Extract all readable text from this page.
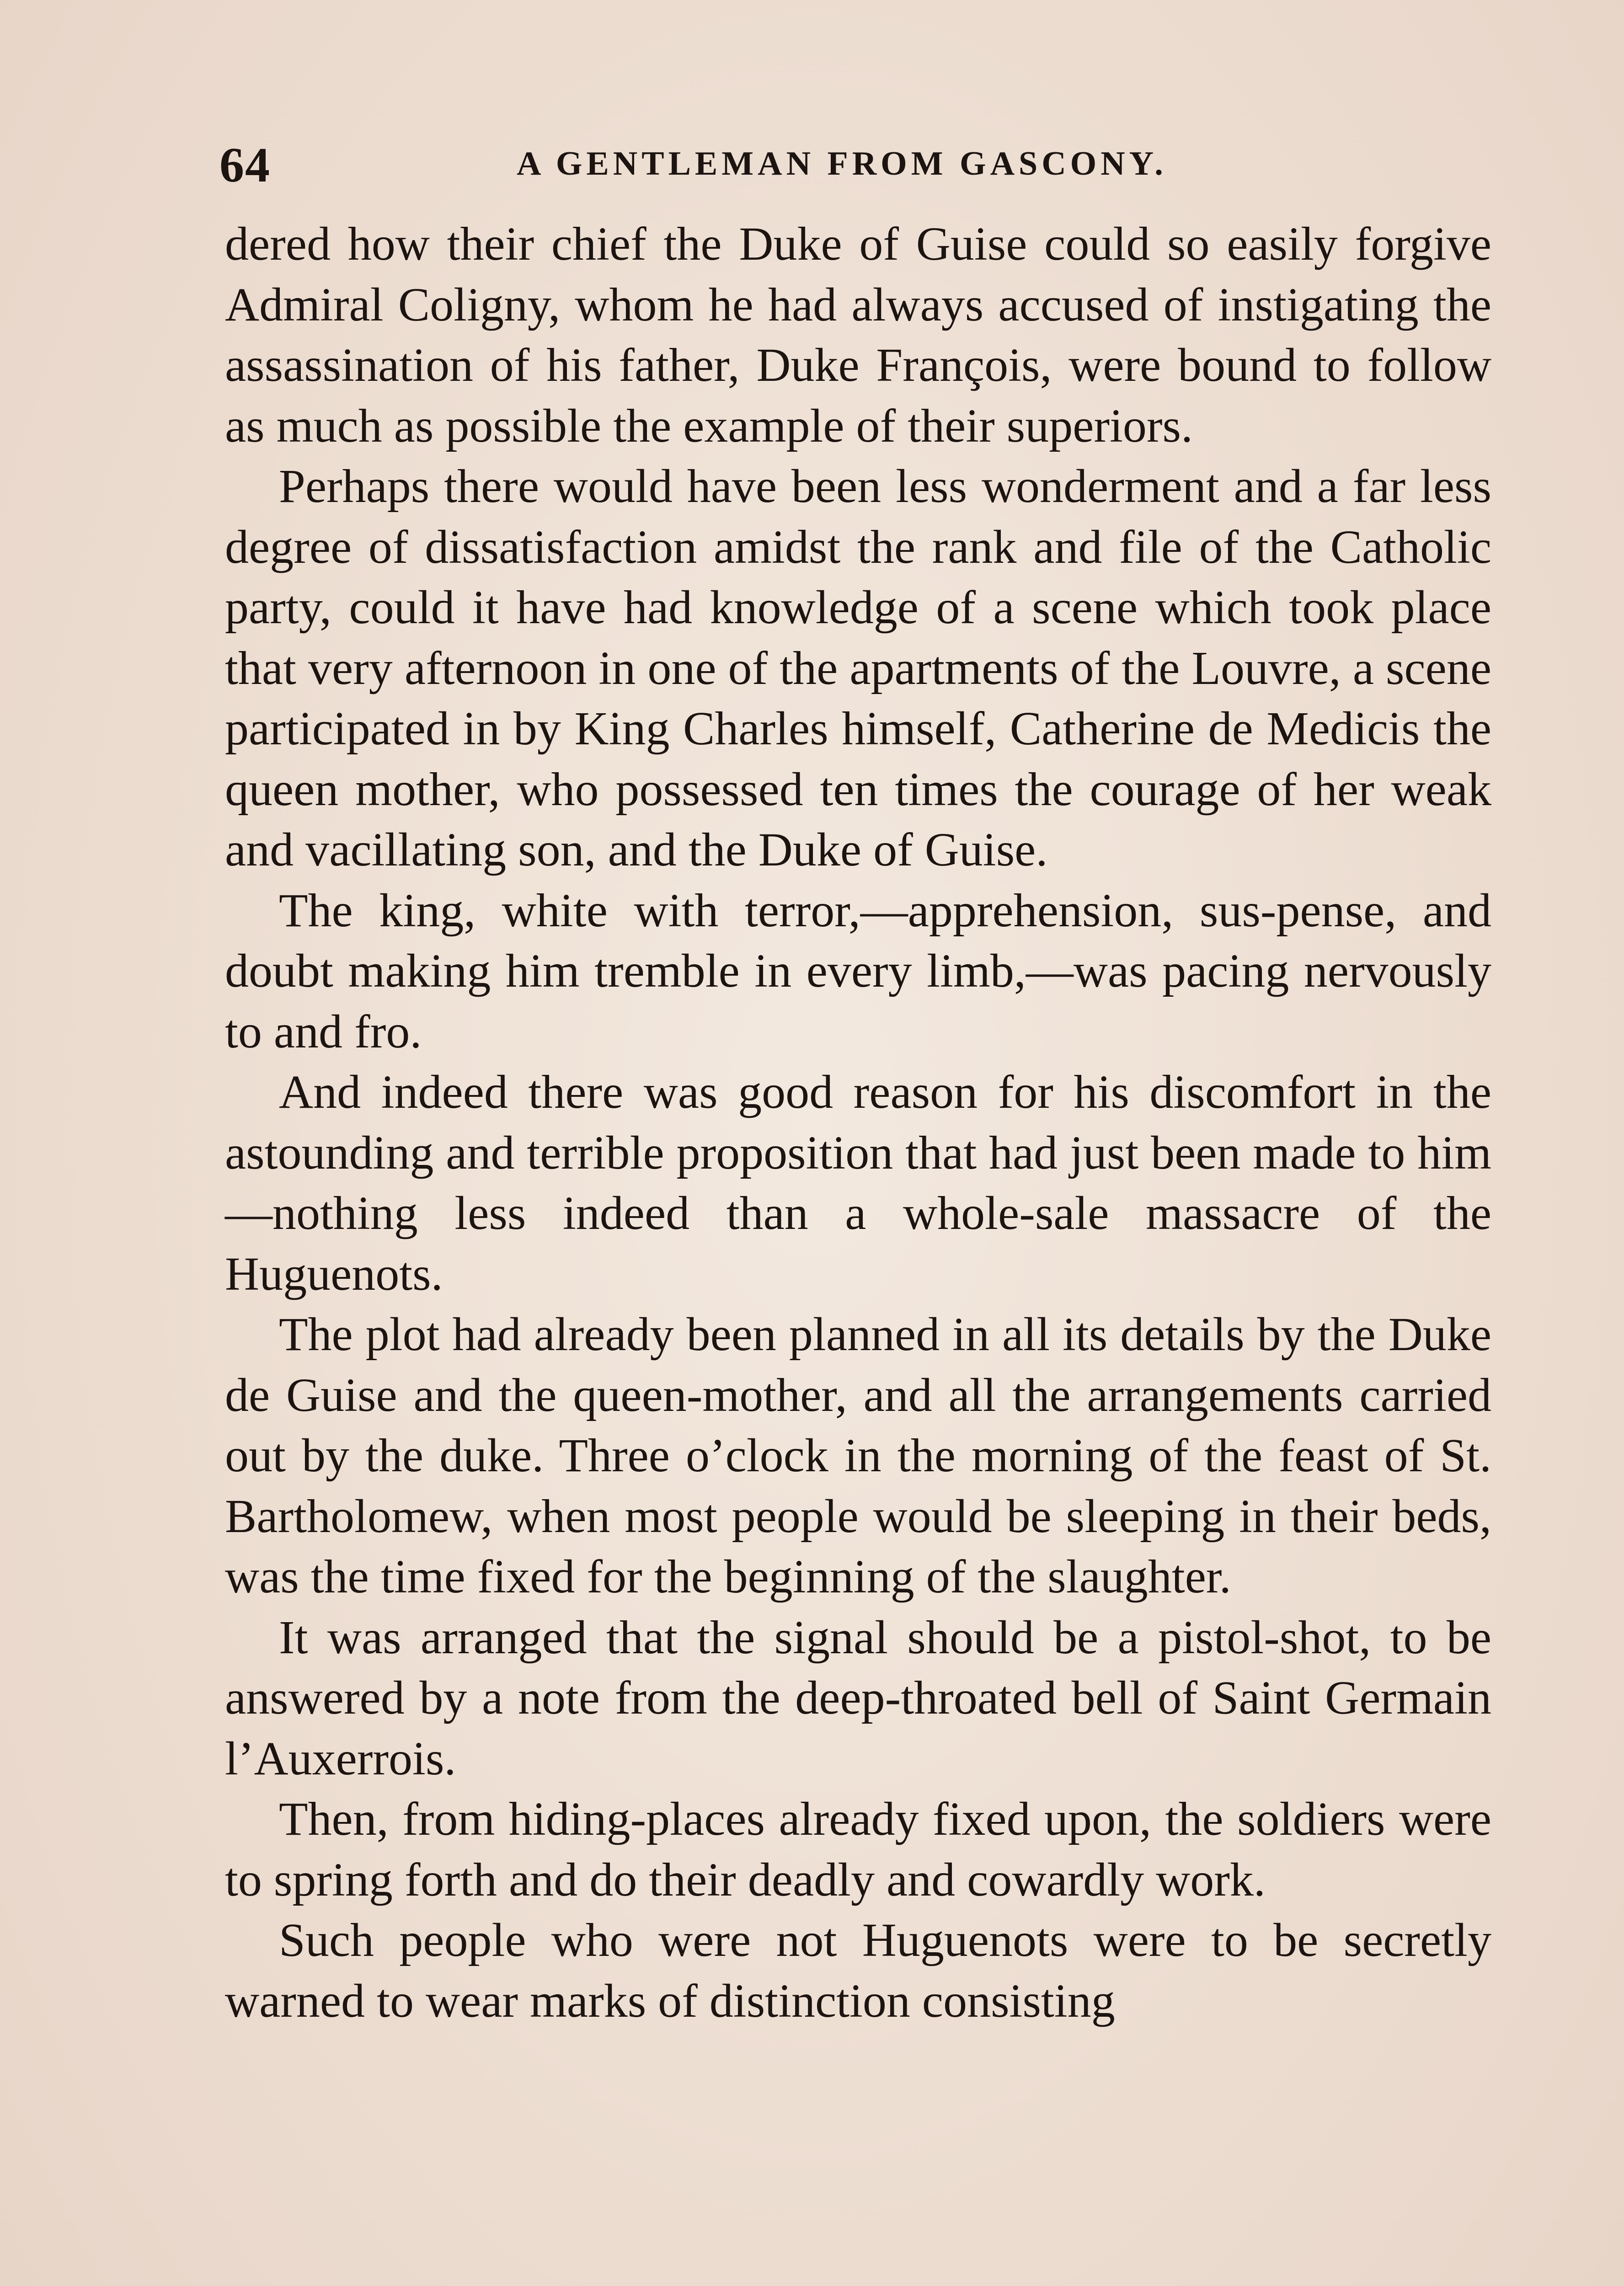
64	A GENTLEMAN FROM GASCONY.

dered how their chief the Duke of Guise could so easily forgive Admiral Coligny, whom he had always accused of instigating the assassination of his father, Duke François, were bound to follow as much as possible the example of their superiors.

Perhaps there would have been less wonderment and a far less degree of dissatisfaction amidst the rank and file of the Catholic party, could it have had knowledge of a scene which took place that very afternoon in one of the apartments of the Louvre, a scene participated in by King Charles himself, Catherine de Medicis the queen mother, who possessed ten times the courage of her weak and vacillating son, and the Duke of Guise.

The king, white with terror,—apprehension, sus-pense, and doubt making him tremble in every limb,—was pacing nervously to and fro.

And indeed there was good reason for his discomfort in the astounding and terrible proposition that had just been made to him—nothing less indeed than a whole-sale massacre of the Huguenots.

The plot had already been planned in all its details by the Duke de Guise and the queen-mother, and all the arrangements carried out by the duke. Three o’clock in the morning of the feast of St. Bartholomew, when most people would be sleeping in their beds, was the time fixed for the beginning of the slaughter.

It was arranged that the signal should be a pistol-shot, to be answered by a note from the deep-throated bell of Saint Germain l’Auxerrois.

Then, from hiding-places already fixed upon, the soldiers were to spring forth and do their deadly and cowardly work.

Such people who were not Huguenots were to be secretly warned to wear marks of distinction consisting
